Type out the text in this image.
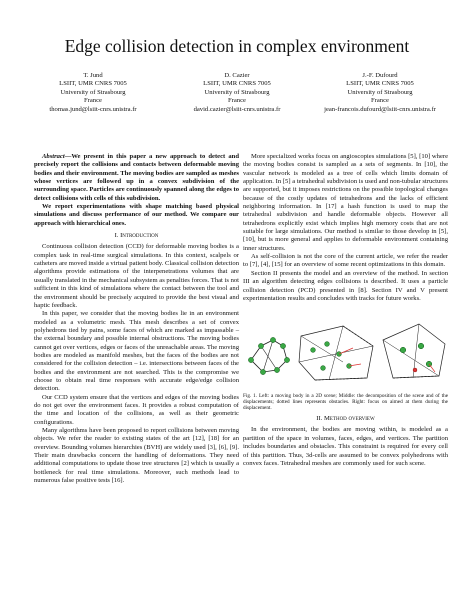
Edge collision detection in complex environment
T. Jund
LSIIT, UMR CNRS 7005
University of Strasbourg
France
thomas.jund@lsiit-cnrs.unistra.fr
D. Cazier
LSIIT, UMR CNRS 7005
University of Strasbourg
France
david.cazier@lsiit-cnrs.unistra.fr
J.-F. Dufourd
LSIIT, UMR CNRS 7005
University of Strasbourg
France
jean-francois.dufourd@lsiit-cnrs.unistra.fr

Abstract—We present in this paper a new approach to detect and precisely report the collisions and contacts between deformable moving bodies and their environment. The moving bodies are sampled as meshes whose vertices are followed up in a convex subdivision of the surrounding space. Particles are continuously spanned along the edges to detect collisions with cells of this subdivision.

We report experimentations with shape matching based physical simulations and discuss performance of our method. We compare our approach with hierarchical ones.

I. Introduction

Continuous collision detection (CCD) for deformable moving bodies is a complex task in real-time surgical simulations. In this context, scalpels or catheters are moved inside a virtual patient body. Classical collision detection algorithms provide estimations of the interpenetrations volumes that are usually translated in the mechanical subsystem as penalties forces. That is not sufficient in this kind of simulations where the contact between the tool and the environment should be precisely acquired to provide the best visual and haptic feedback.

In this paper, we consider that the moving bodies lie in an environment modeled as a volumetric mesh. This mesh describes a set of convex polyhedrons tied by pains, some faces of which are marked as impassable – the external boundary and possible internal obstructions. The moving bodies cannot get over vertices, edges or faces of the unreachable areas. The moving bodies are modeled as manifold meshes, but the faces of the bodies are not considered for the collision detection – i.e. intersections between faces of the bodies and the environment are not searched. This is the compromise we choose to obtain real time responses with accurate edge/edge collision detection.

Our CCD system ensure that the vertices and edges of the moving bodies do not get over the environment faces. It provides a robust computation of the time and location of the collisions, as well as their geometric configurations.

Many algorithms have been proposed to report collisions between moving objects. We refer the reader to existing states of the art [12], [18] for an overview. Bounding volumes hierarchies (BVH) are widely used [3], [6], [9]. Their main drawbacks concern the handling of deformations. They need additional computations to update those tree structures [2] which is usually a bottleneck for real time simulations. Moreover, such methods lead to numerous false positive tests [16].

More specialized works focus on angioscopies simulations [5], [10] where the moving bodies consist is sampled as a sets of segments. In [10], the vascular network is modeled as a tree of cells which limits domain of application. In [5] a tetrahedral subdivision is used and non-tubular structures are supported, but it imposes restrictions on the possible topological changes because of the costly updates of tetrahedrons and the lacks of efficient neighboring information. In [17] a hash function is used to map the tetrahedral subdivision and handle deformable objects. However all tetrahedrons explicitly exist which implies high memory costs that are not suitable for large simulations. Our method is similar to those develop in [5], [10], but is more general and applies to deformable environment containing inner structures.

As self-collision is not the core of the current article, we refer the reader to [7], [4], [15] for an overview of some recent optimizations in this domain.

Section II presents the model and an overview of the method. In section III an algorithm detecting edges collisions is described. It uses a particle collision detection (PCD) presented in [8]. Section IV and V present experimentation results and concludes with tracks for future works.

Fig. 1. Left: a moving body in a 2D scene; Middle: the decomposition of the scene and of the displacements; dotted lines represents obstacles. Right: focus on aimed at them during the displacement.
II. Method overview

In the environment, the bodies are moving within, is modeled as a partition of the space in volumes, faces, edges, and vertices. The partition includes boundaries and obstacles. This constraint is required for every cell of this partition. Thus, 3d-cells are assumed to be convex polyhedrons with convex faces. Tetrahedral meshes are commonly used for such scene.
